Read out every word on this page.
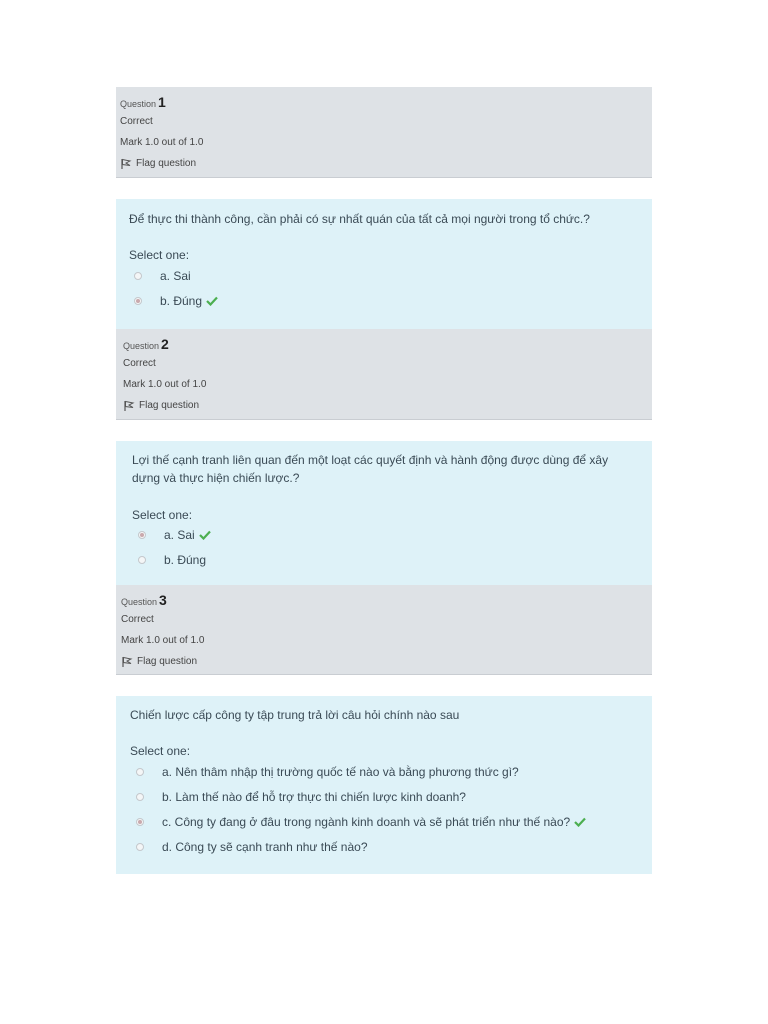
Question 1
Correct
Mark 1.0 out of 1.0
Flag question
Để thực thi thành công, cần phải có sự nhất quán của tất cả mọi người trong tổ chức.?
Select one:
a. Sai
b. Đúng
Question 2
Correct
Mark 1.0 out of 1.0
Flag question
Lợi thế cạnh tranh liên quan đến một loạt các quyết định và hành động được dùng để xây
dựng và thực hiện chiến lược.?
Select one:
a. Sai
b. Đúng
Question 3
Correct
Mark 1.0 out of 1.0
Flag question
Chiến lược cấp công ty tập trung trả lời câu hỏi chính nào sau
Select one:
a. Nên thâm nhập thị trường quốc tế nào và bằng phương thức gì?
b. Làm thế nào để hỗ trợ thực thi chiến lược kinh doanh?
c. Công ty đang ở đâu trong ngành kinh doanh và sẽ phát triển như thế nào?
d. Công ty sẽ cạnh tranh như thế nào?
